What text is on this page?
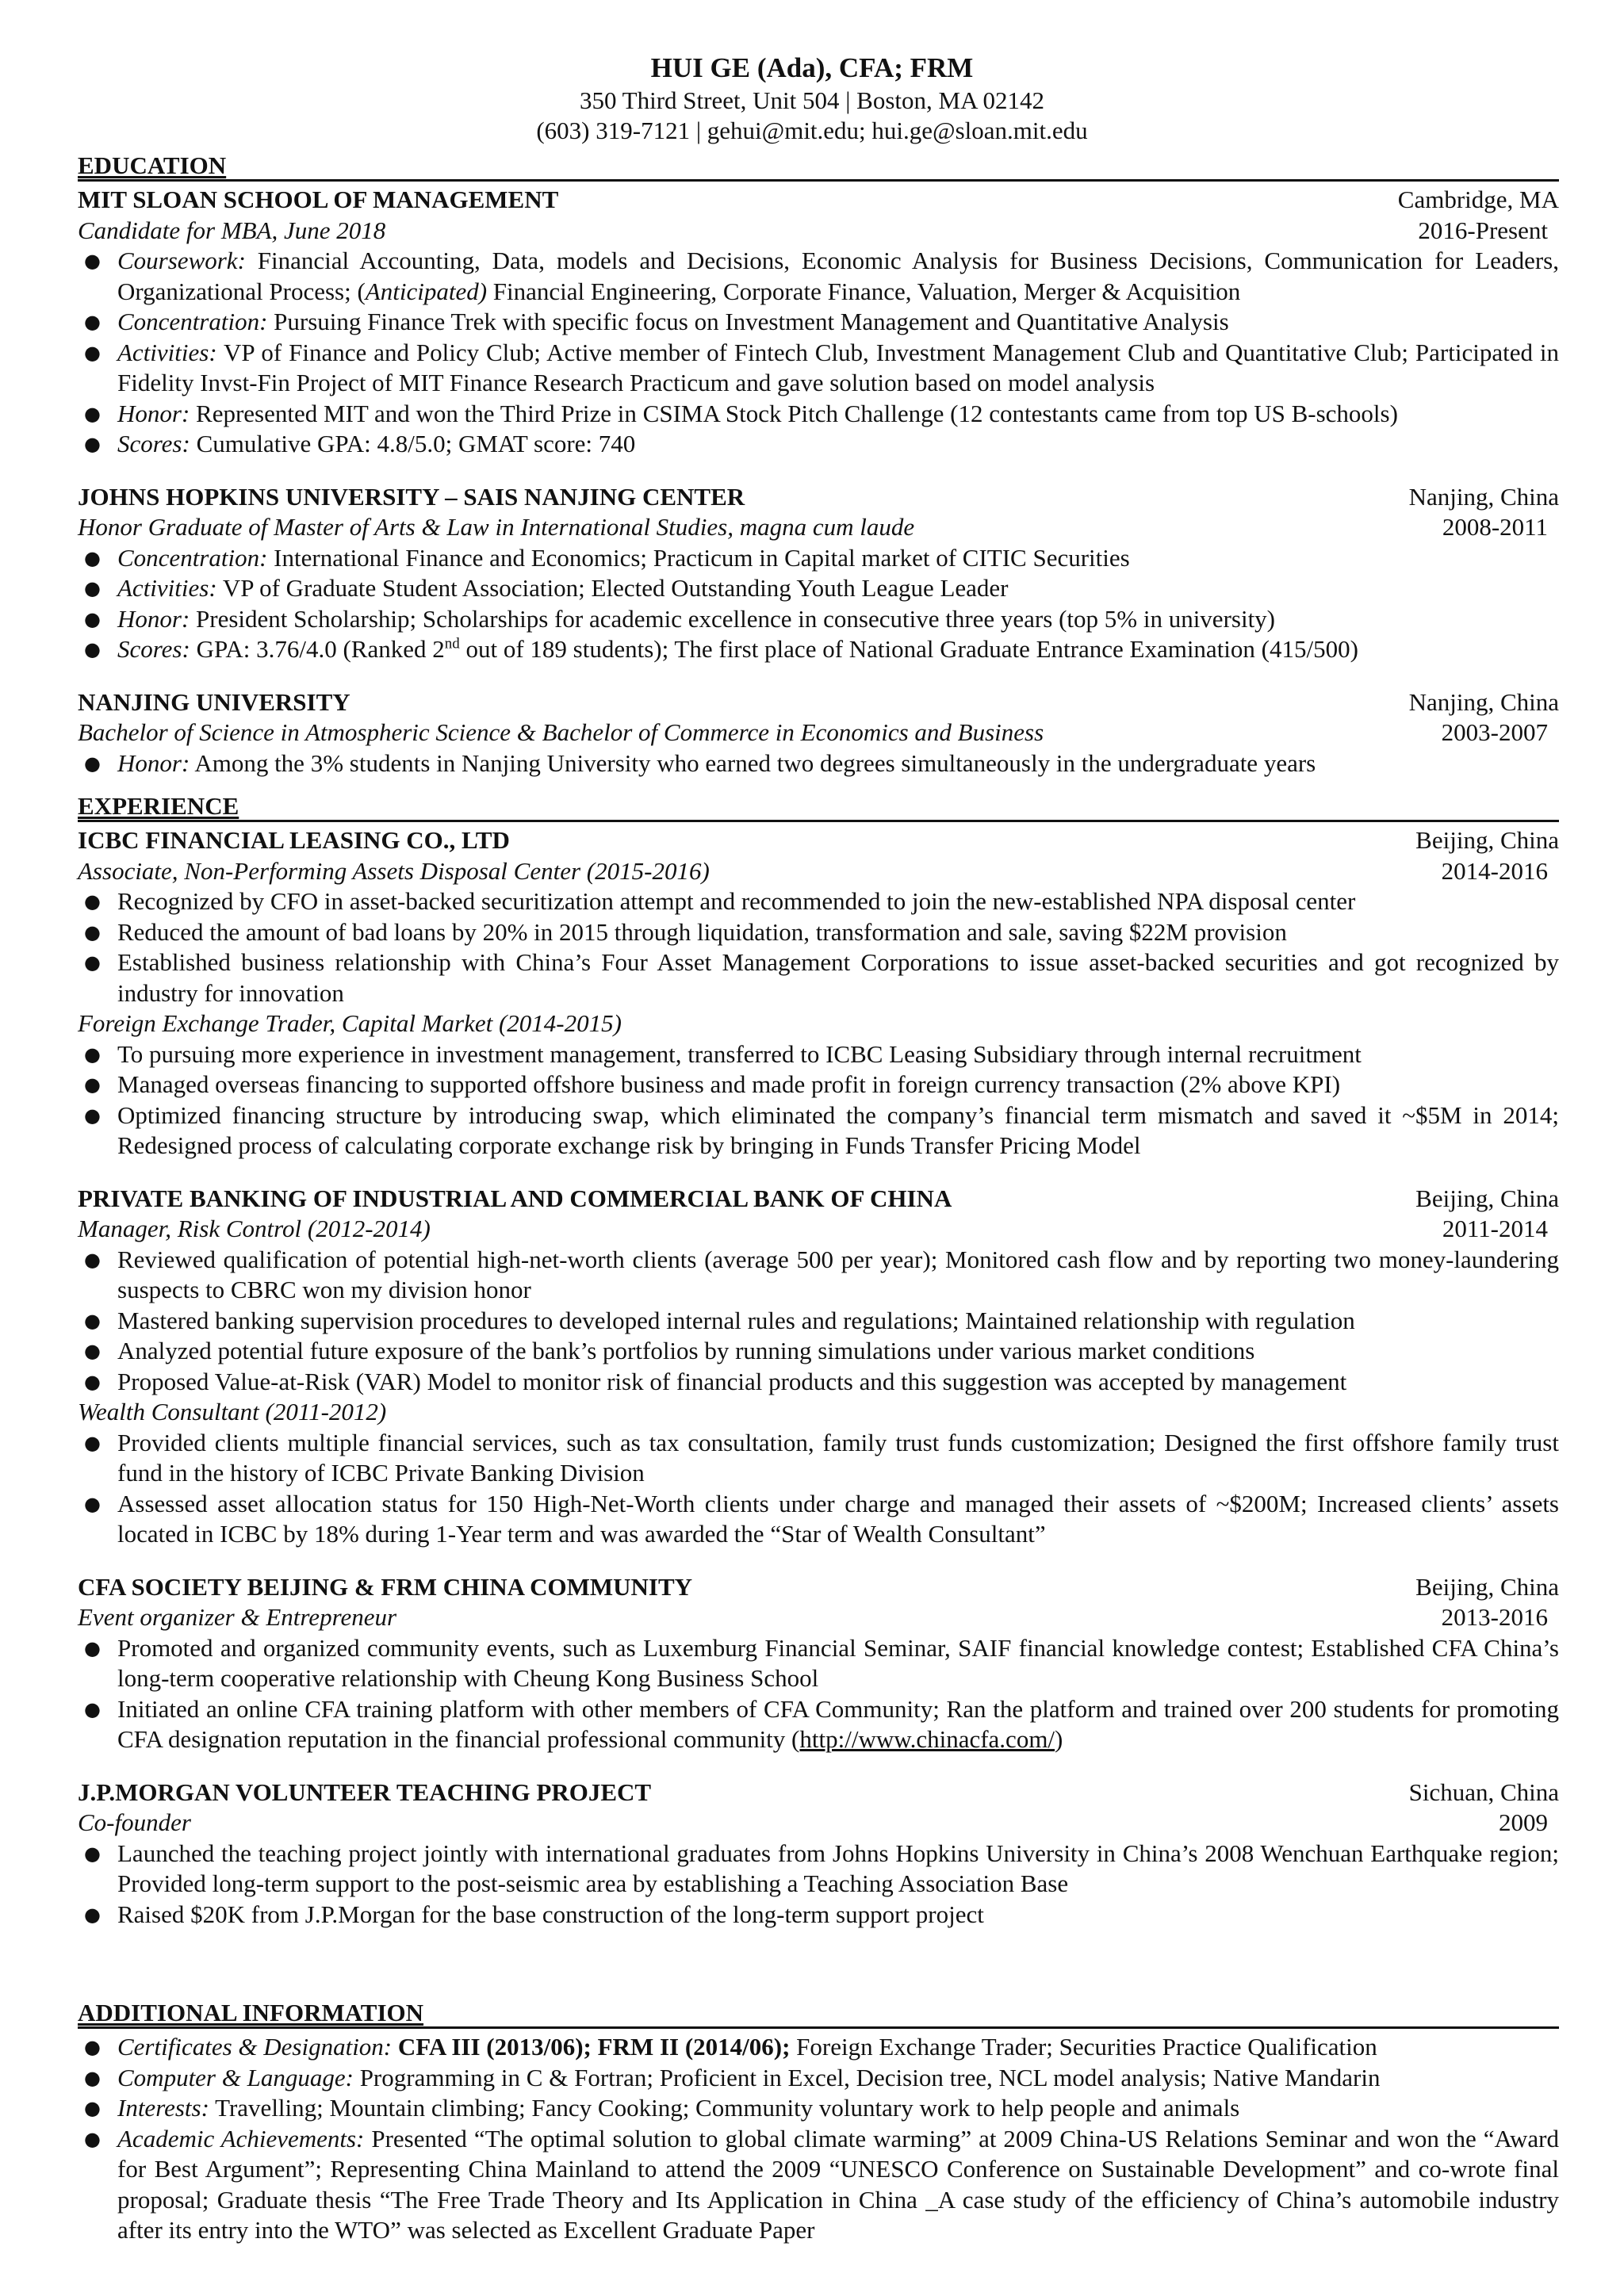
HUI GE (Ada), CFA; FRM
350 Third Street, Unit 504 | Boston, MA 02142
(603) 319-7121 | gehui@mit.edu; hui.ge@sloan.mit.edu
EDUCATION
MIT SLOAN SCHOOL OF MANAGEMENT	Cambridge, MA
Candidate for MBA, June 2018	2016-Present
● Coursework: Financial Accounting, Data, models and Decisions, Economic Analysis for Business Decisions, Communication for Leaders, Organizational Process; (Anticipated) Financial Engineering, Corporate Finance, Valuation, Merger & Acquisition
● Concentration: Pursuing Finance Trek with specific focus on Investment Management and Quantitative Analysis
● Activities: VP of Finance and Policy Club; Active member of Fintech Club, Investment Management Club and Quantitative Club; Participated in Fidelity Invst-Fin Project of MIT Finance Research Practicum and gave solution based on model analysis
● Honor: Represented MIT and won the Third Prize in CSIMA Stock Pitch Challenge (12 contestants came from top US B-schools)
● Scores: Cumulative GPA: 4.8/5.0; GMAT score: 740
JOHNS HOPKINS UNIVERSITY – SAIS NANJING CENTER	Nanjing, China
Honor Graduate of Master of Arts & Law in International Studies, magna cum laude	2008-2011
● Concentration: International Finance and Economics; Practicum in Capital market of CITIC Securities
● Activities: VP of Graduate Student Association; Elected Outstanding Youth League Leader
● Honor: President Scholarship; Scholarships for academic excellence in consecutive three years (top 5% in university)
● Scores: GPA: 3.76/4.0 (Ranked 2nd out of 189 students); The first place of National Graduate Entrance Examination (415/500)
NANJING UNIVERSITY	Nanjing, China
Bachelor of Science in Atmospheric Science & Bachelor of Commerce in Economics and Business	2003-2007
● Honor: Among the 3% students in Nanjing University who earned two degrees simultaneously in the undergraduate years
EXPERIENCE
ICBC FINANCIAL LEASING CO., LTD	Beijing, China
Associate, Non-Performing Assets Disposal Center (2015-2016)	2014-2016
● Recognized by CFO in asset-backed securitization attempt and recommended to join the new-established NPA disposal center
● Reduced the amount of bad loans by 20% in 2015 through liquidation, transformation and sale, saving $22M provision
● Established business relationship with China’s Four Asset Management Corporations to issue asset-backed securities and got recognized by industry for innovation
Foreign Exchange Trader, Capital Market (2014-2015)
● To pursuing more experience in investment management, transferred to ICBC Leasing Subsidiary through internal recruitment
● Managed overseas financing to supported offshore business and made profit in foreign currency transaction (2% above KPI)
● Optimized financing structure by introducing swap, which eliminated the company’s financial term mismatch and saved it ~$5M in 2014; Redesigned process of calculating corporate exchange risk by bringing in Funds Transfer Pricing Model
PRIVATE BANKING OF INDUSTRIAL AND COMMERCIAL BANK OF CHINA	Beijing, China
Manager, Risk Control (2012-2014)	2011-2014
● Reviewed qualification of potential high-net-worth clients (average 500 per year); Monitored cash flow and by reporting two money-laundering suspects to CBRC won my division honor
● Mastered banking supervision procedures to developed internal rules and regulations; Maintained relationship with regulation
● Analyzed potential future exposure of the bank’s portfolios by running simulations under various market conditions
● Proposed Value-at-Risk (VAR) Model to monitor risk of financial products and this suggestion was accepted by management
Wealth Consultant (2011-2012)
● Provided clients multiple financial services, such as tax consultation, family trust funds customization; Designed the first offshore family trust fund in the history of ICBC Private Banking Division
● Assessed asset allocation status for 150 High-Net-Worth clients under charge and managed their assets of ~$200M; Increased clients’ assets located in ICBC by 18% during 1-Year term and was awarded the “Star of Wealth Consultant”
CFA SOCIETY BEIJING & FRM CHINA COMMUNITY	Beijing, China
Event organizer & Entrepreneur	2013-2016
● Promoted and organized community events, such as Luxemburg Financial Seminar, SAIF financial knowledge contest; Established CFA China’s long-term cooperative relationship with Cheung Kong Business School
● Initiated an online CFA training platform with other members of CFA Community; Ran the platform and trained over 200 students for promoting CFA designation reputation in the financial professional community (http://www.chinacfa.com/)
J.P.MORGAN VOLUNTEER TEACHING PROJECT	Sichuan, China
Co-founder	2009
● Launched the teaching project jointly with international graduates from Johns Hopkins University in China’s 2008 Wenchuan Earthquake region; Provided long-term support to the post-seismic area by establishing a Teaching Association Base
● Raised $20K from J.P.Morgan for the base construction of the long-term support project
ADDITIONAL INFORMATION
● Certificates & Designation: CFA III (2013/06); FRM II (2014/06); Foreign Exchange Trader; Securities Practice Qualification
● Computer & Language: Programming in C & Fortran; Proficient in Excel, Decision tree, NCL model analysis; Native Mandarin
● Interests: Travelling; Mountain climbing; Fancy Cooking; Community voluntary work to help people and animals
● Academic Achievements: Presented “The optimal solution to global climate warming” at 2009 China-US Relations Seminar and won the “Award for Best Argument”; Representing China Mainland to attend the 2009 “UNESCO Conference on Sustainable Development” and co-wrote final proposal; Graduate thesis “The Free Trade Theory and Its Application in China _A case study of the efficiency of China’s automobile industry after its entry into the WTO” was selected as Excellent Graduate Paper
